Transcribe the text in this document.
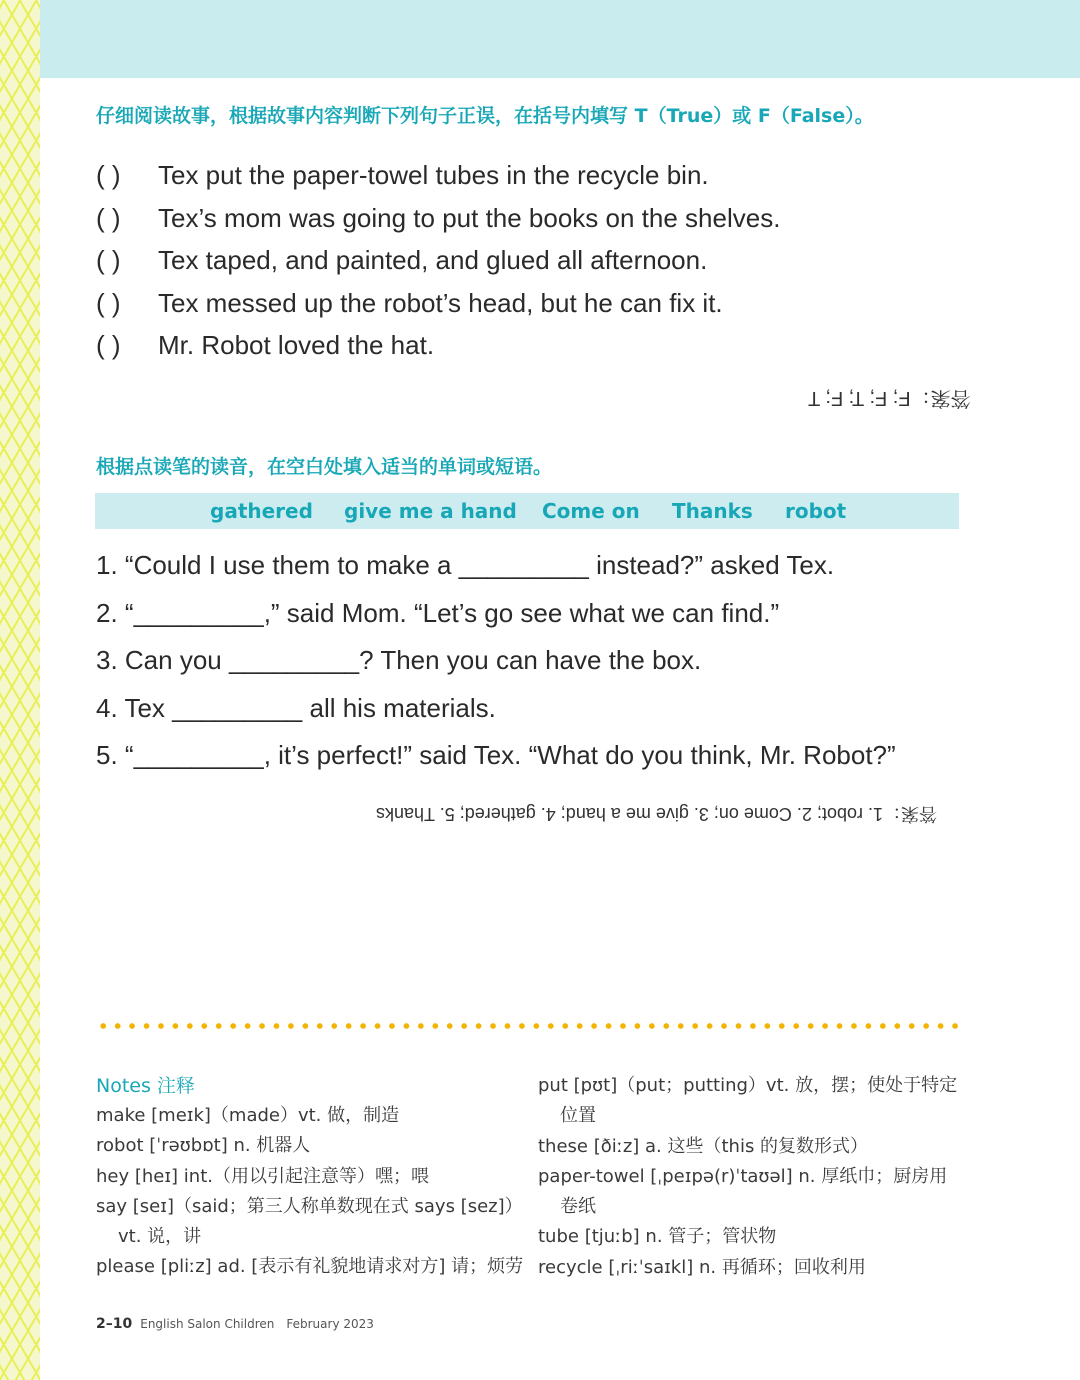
仔细阅读故事，根据故事内容判断下列句子正误，在括号内填写 T（True）或 F（False）。
( ) Tex put the paper-towel tubes in the recycle bin.
( ) Tex’s mom was going to put the books on the shelves.
( ) Tex taped, and painted, and glued all afternoon.
( ) Tex messed up the robot’s head, but he can fix it.
( ) Mr. Robot loved the hat.
答案：F; F; T; F; T
根据点读笔的读音，在空白处填入适当的单词或短语。
gathered give me a hand Come on Thanks robot
1. “Could I use them to make a _________ instead?” asked Tex.
2. “_________,” said Mom. “Let’s go see what we can find.”
3. Can you _________? Then you can have the box.
4. Tex _________ all his materials.
5. “_________, it’s perfect!” said Tex. “What do you think, Mr. Robot?”
答案：1. robot; 2. Come on; 3. give me a hand; 4. gathered; 5. Thanks
Notes 注释
make [meɪk]（made）vt. 做，制造
robot [ˈrəʊbɒt] n. 机器人
hey [heɪ] int.（用以引起注意等）嘿；喂
say [seɪ]（said；第三人称单数现在式 says [sez]）
vt. 说，讲
please [pliːz] ad. [表示有礼貌地请求对方] 请；烦劳
put [pʊt]（put；putting）vt. 放，摆；使处于特定
位置
these [ðiːz] a. 这些（this 的复数形式）
paper-towel [ˌpeɪpə(r)ˈtaʊəl] n. 厚纸巾；厨房用
卷纸
tube [tjuːb] n. 管子；管状物
recycle [ˌriːˈsaɪkl] n. 再循环；回收利用
2–10 English Salon Children February 2023
